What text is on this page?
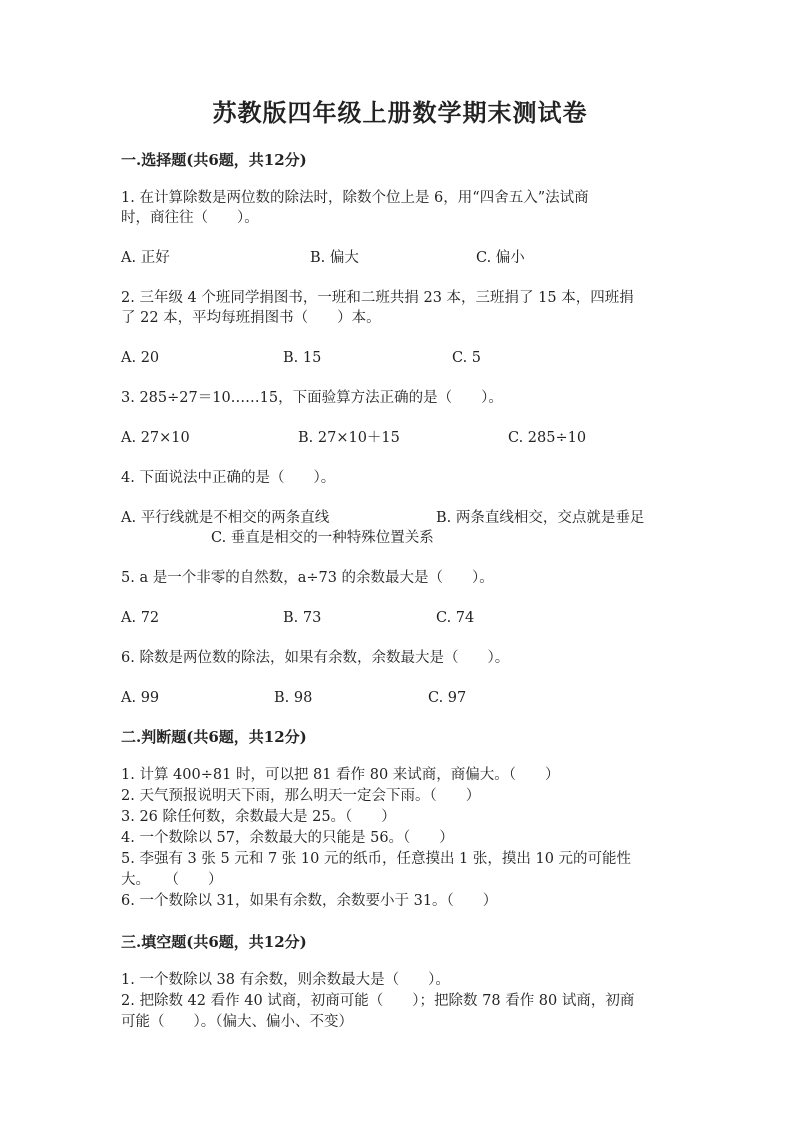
苏教版四年级上册数学期末测试卷
一.选择题(共6题，共12分)
1. 在计算除数是两位数的除法时，除数个位上是 6，用“四舍五入”法试商
时，商往往（　　）。
A. 正好	B. 偏大	C. 偏小
2. 三年级 4 个班同学捐图书，一班和二班共捐 23 本，三班捐了 15 本，四班捐
了 22 本，平均每班捐图书（　　）本。
A. 20	B. 15	C. 5
3. 285÷27＝10……15，下面验算方法正确的是（　　）。
A. 27×10	B. 27×10＋15	C. 285÷10
4. 下面说法中正确的是（　　）。
A. 平行线就是不相交的两条直线	B. 两条直线相交，交点就是垂足
C. 垂直是相交的一种特殊位置关系
5. a 是一个非零的自然数，a÷73 的余数最大是（　　）。
A. 72	B. 73	C. 74
6. 除数是两位数的除法，如果有余数，余数最大是（　　）。
A. 99	B. 98	C. 97
二.判断题(共6题，共12分)
1. 计算 400÷81 时，可以把 81 看作 80 来试商，商偏大。（　　）
2. 天气预报说明天下雨，那么明天一定会下雨。（　　）
3. 26 除任何数，余数最大是 25。（　　）
4. 一个数除以 57，余数最大的只能是 56。（　　）
5. 李强有 3 张 5 元和 7 张 10 元的纸币，任意摸出 1 张，摸出 10 元的可能性
大。　　（　　）
6. 一个数除以 31，如果有余数，余数要小于 31。（　　）
三.填空题(共6题，共12分)
1. 一个数除以 38 有余数，则余数最大是（　　）。
2. 把除数 42 看作 40 试商，初商可能（　　）；把除数 78 看作 80 试商，初商
可能（　　）。（偏大、偏小、不变）
